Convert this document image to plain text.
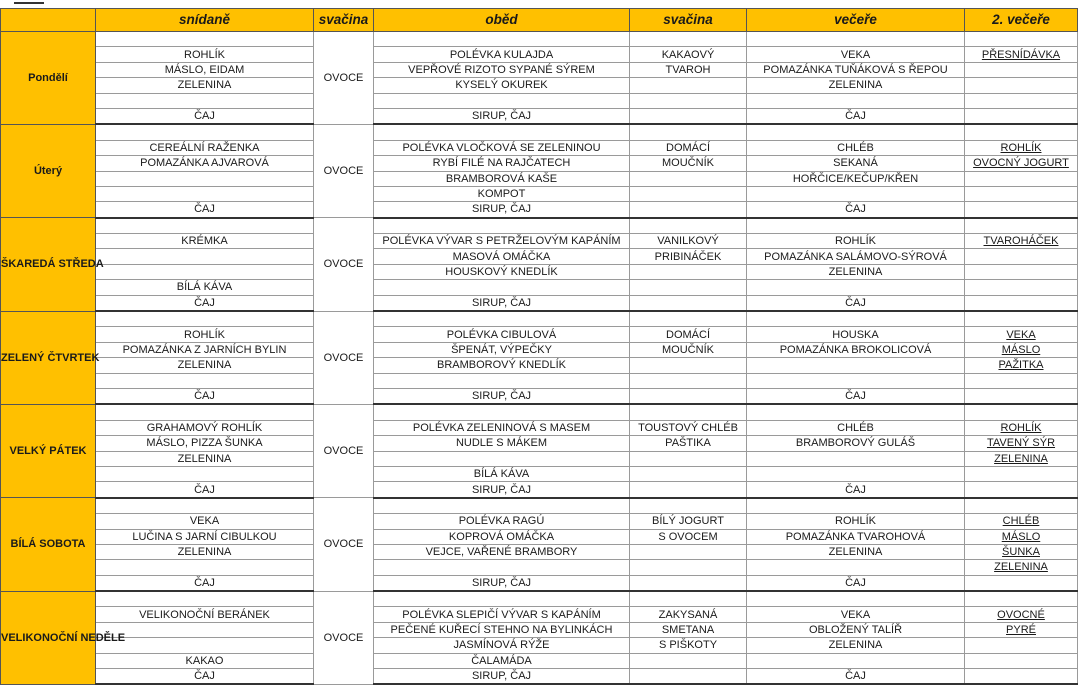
	snídaně	svačina	oběd	svačina	večeře	2. večeře
Pondělí		OVOCE				
	ROHLÍK		POLÉVKA KULAJDA	KAKAOVÝ	VEKA	PŘESNÍDÁVKA
	MÁSLO, EIDAM		VEPŘOVÉ RIZOTO SYPANÉ SÝREM	TVAROH	POMAZÁNKA TUŇÁKOVÁ S ŘEPOU	
	ZELENINA		KYSELÝ OKUREK		ZELENINA	

	ČAJ		SIRUP, ČAJ		ČAJ	
Úterý		OVOCE				
	CEREÁLNÍ RAŽENKA		POLÉVKA VLOČKOVÁ SE ZELENINOU	DOMÁCÍ	CHLÉB	ROHLÍK
	POMAZÁNKA AJVAROVÁ		RYBÍ FILÉ NA RAJČATECH	MOUČNÍK	SEKANÁ	OVOCNÝ JOGURT
			BRAMBOROVÁ KAŠE		HOŘČICE/KEČUP/KŘEN	
			KOMPOT			
	ČAJ		SIRUP, ČAJ		ČAJ	
ŠKAREDÁ STŘEDA		OVOCE				
	KRÉMKA		POLÉVKA VÝVAR S PETRŽELOVÝM KAPÁNÍM	VANILKOVÝ	ROHLÍK	TVAROHÁČEK
			MASOVÁ OMÁČKA	PRIBINÁČEK	POMAZÁNKA SALÁMOVO-SÝROVÁ	
			HOUSKOVÝ KNEDLÍK		ZELENINA	
	BÍLÁ KÁVA					
	ČAJ		SIRUP, ČAJ		ČAJ	
ZELENÝ ČTVRTEK		OVOCE				
	ROHLÍK		POLÉVKA CIBULOVÁ	DOMÁCÍ	HOUSKA	VEKA
	POMAZÁNKA Z JARNÍCH BYLIN		ŠPENÁT, VÝPEČKY	MOUČNÍK	POMAZÁNKA BROKOLICOVÁ	MÁSLO
	ZELENINA		BRAMBOROVÝ KNEDLÍK			PAŽITKA

	ČAJ		SIRUP, ČAJ		ČAJ	
VELKÝ PÁTEK		OVOCE				
	GRAHAMOVÝ ROHLÍK		POLÉVKA ZELENINOVÁ S MASEM	TOUSTOVÝ CHLÉB	CHLÉB	ROHLÍK
	MÁSLO, PIZZA ŠUNKA		NUDLE S MÁKEM	PAŠTIKA	BRAMBOROVÝ GULÁŠ	TAVENÝ SÝR
	ZELENINA					ZELENINA
			BÍLÁ KÁVA			
	ČAJ		SIRUP, ČAJ		ČAJ	
BÍLÁ SOBOTA		OVOCE				
	VEKA		POLÉVKA RAGÚ	BÍLÝ JOGURT	ROHLÍK	CHLÉB
	LUČINA S JARNÍ CIBULKOU		KOPROVÁ OMÁČKA	S OVOCEM	POMAZÁNKA TVAROHOVÁ	MÁSLO
	ZELENINA		VEJCE, VAŘENÉ BRAMBORY		ZELENINA	ŠUNKA
						ZELENINA
	ČAJ		SIRUP, ČAJ		ČAJ	
VELIKONOČNÍ NEDĚLE		OVOCE				
	VELIKONOČNÍ BERÁNEK		POLÉVKA SLEPIČÍ VÝVAR S KAPÁNÍM	ZAKYSANÁ	VEKA	OVOCNÉ
			PEČENÉ KUŘECÍ STEHNO NA BYLINKÁCH	SMETANA	OBLOŽENÝ TALÍŘ	PYRÉ
			JASMÍNOVÁ RÝŽE	S PIŠKOTY	ZELENINA	
	KAKAO		ČALAMÁDA			
	ČAJ		SIRUP, ČAJ		ČAJ	
